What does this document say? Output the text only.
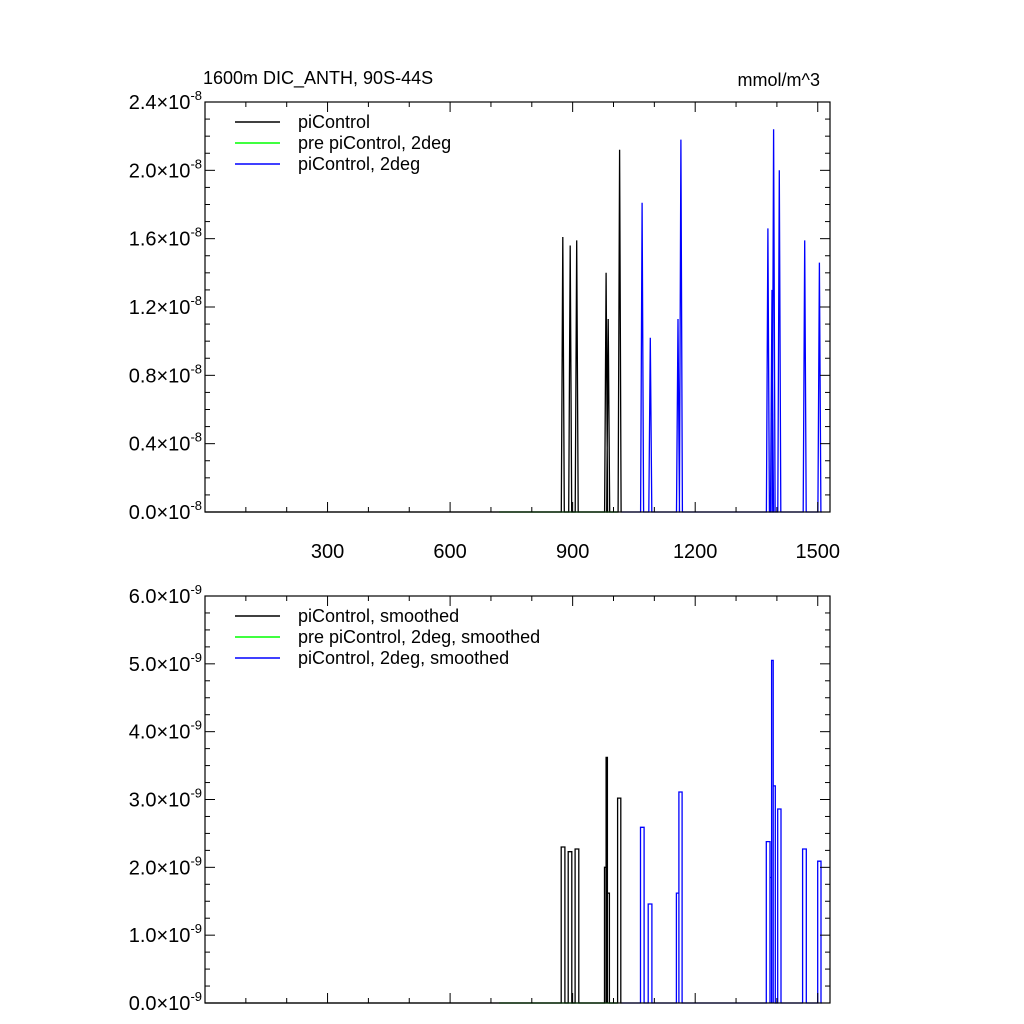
1600m DIC_ANTH, 90S-44S	mmol/m^3
300	600	900	1200	1500
$0.0\times 10^{-8}$
$0.4\times 10^{-8}$
$0.8\times 10^{-8}$
$1.2\times 10^{-8}$
$1.6\times 10^{-8}$
$2.0\times 10^{-8}$
$2.4\times 10^{-8}$
piControl
pre piControl, 2deg
piControl, 2deg
$0.0\times 10^{-9}$
$1.0\times 10^{-9}$
$2.0\times 10^{-9}$
$3.0\times 10^{-9}$
$4.0\times 10^{-9}$
$5.0\times 10^{-9}$
$6.0\times 10^{-9}$
piControl, smoothed
pre piControl, 2deg, smoothed
piControl, 2deg, smoothed
